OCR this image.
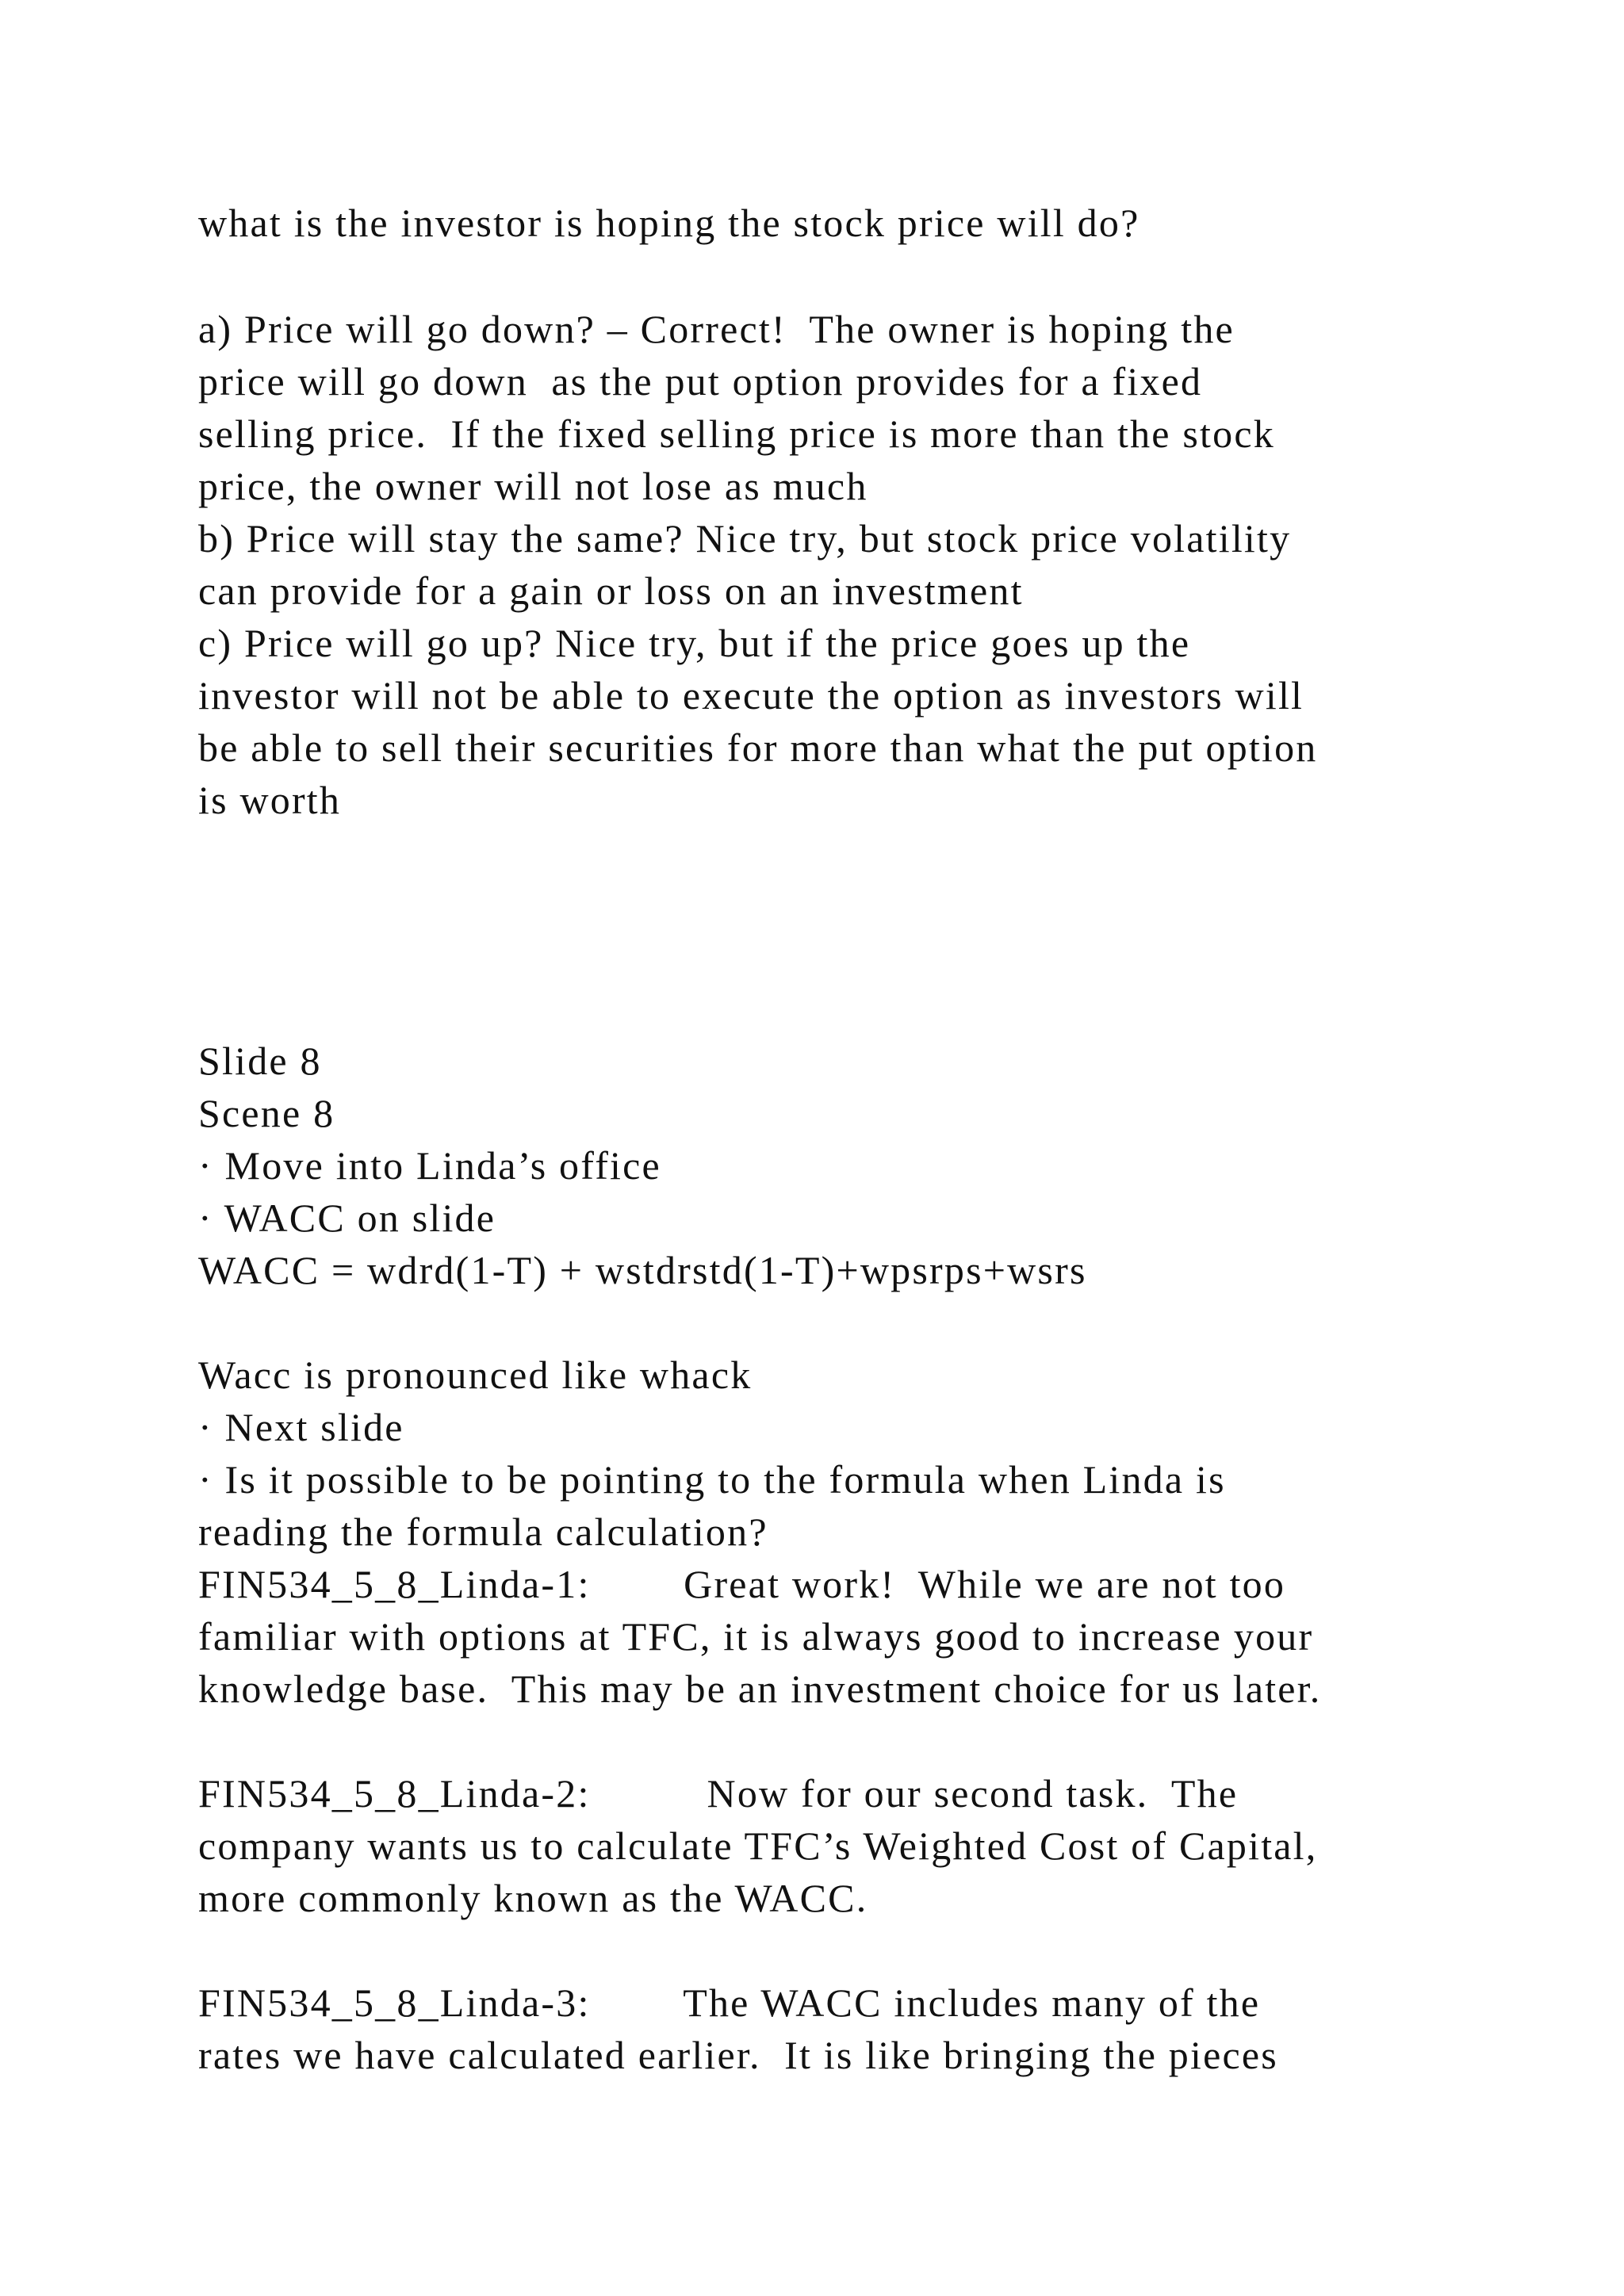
what is the investor is hoping the stock price will do?

a) Price will go down? – Correct!  The owner is hoping the

price will go down  as the put option provides for a fixed

selling price.  If the fixed selling price is more than the stock

price, the owner will not lose as much

b) Price will stay the same? Nice try, but stock price volatility

can provide for a gain or loss on an investment

c) Price will go up? Nice try, but if the price goes up the

investor will not be able to execute the option as investors will

be able to sell their securities for more than what the put option

is worth

Slide 8

Scene 8

· Move into Linda’s office

· WACC on slide

WACC = wdrd(1-T) + wstdrstd(1-T)+wpsrps+wsrs

Wacc is pronounced like whack

· Next slide

· Is it possible to be pointing to the formula when Linda is

reading the formula calculation?

FIN534_5_8_Linda-1:        Great work!  While we are not too

familiar with options at TFC, it is always good to increase your

knowledge base.  This may be an investment choice for us later.

FIN534_5_8_Linda-2:          Now for our second task.  The

company wants us to calculate TFC’s Weighted Cost of Capital,

more commonly known as the WACC.

FIN534_5_8_Linda-3:        The WACC includes many of the

rates we have calculated earlier.  It is like bringing the pieces
